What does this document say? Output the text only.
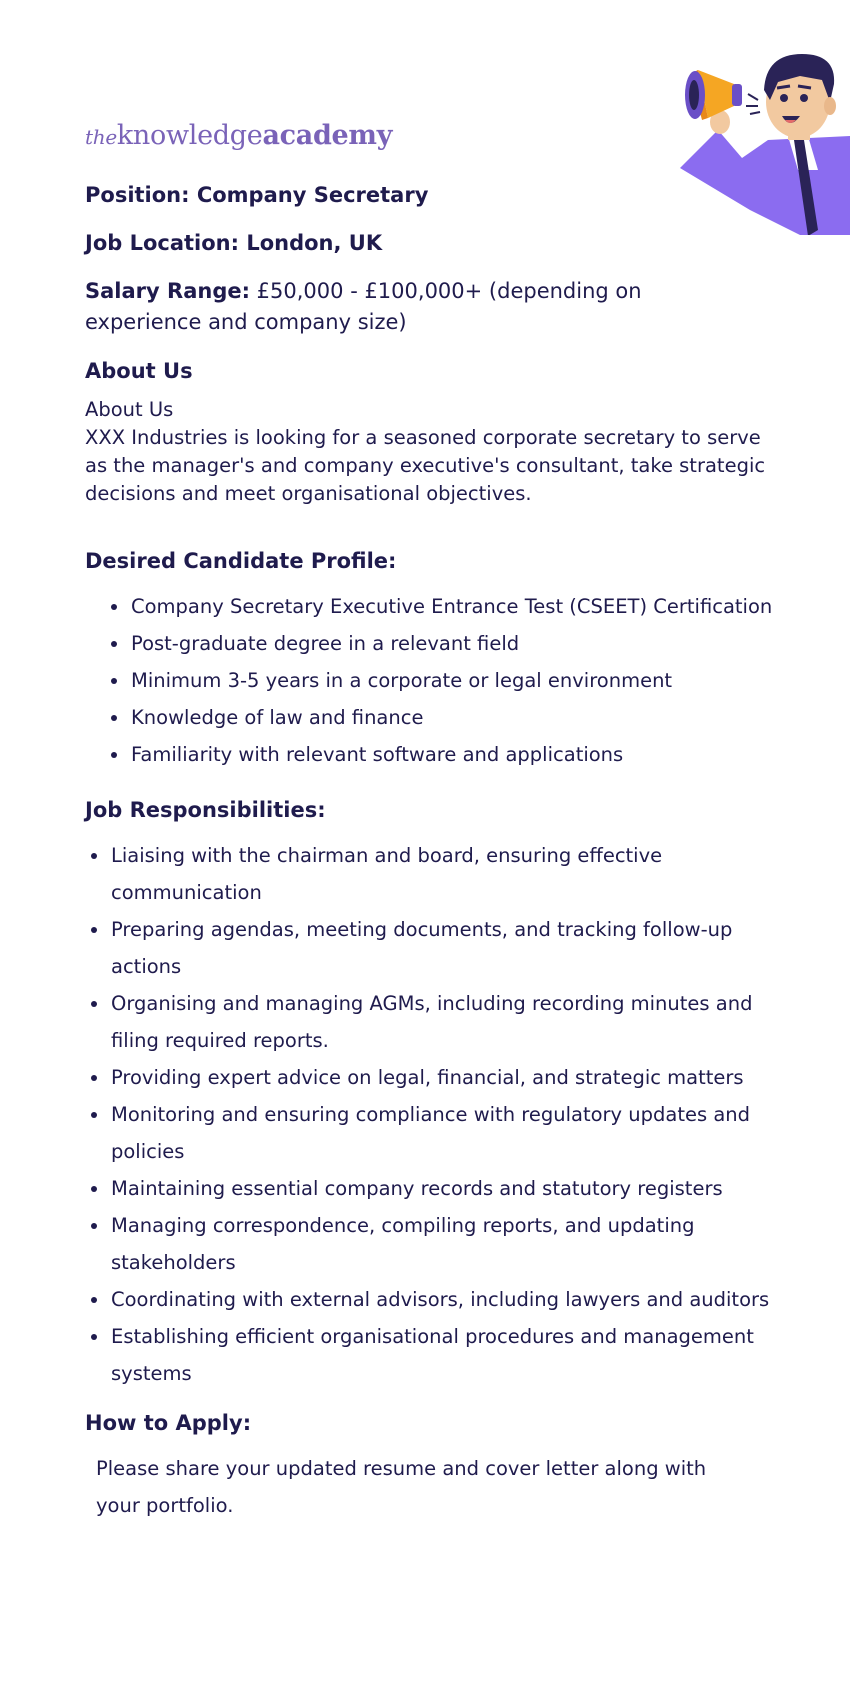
theknowledgeacademy
Position: Company Secretary
Job Location: London, UK
Salary Range: £50,000 - £100,000+ (depending on experience and company size)
About Us
About Us
XXX Industries is looking for a seasoned corporate secretary to serve as the manager's and company executive's consultant, take strategic decisions and meet organisational objectives.
Desired Candidate Profile:
Company Secretary Executive Entrance Test (CSEET) Certification
Post-graduate degree in a relevant field
Minimum 3-5 years in a corporate or legal environment
Knowledge of law and finance
Familiarity with relevant software and applications
Job Responsibilities:
Liaising with the chairman and board, ensuring effective communication
Preparing agendas, meeting documents, and tracking follow-up actions
Organising and managing AGMs, including recording minutes and filing required reports.
Providing expert advice on legal, financial, and strategic matters
Monitoring and ensuring compliance with regulatory updates and policies
Maintaining essential company records and statutory registers
Managing correspondence, compiling reports, and updating stakeholders
Coordinating with external advisors, including lawyers and auditors
Establishing efficient organisational procedures and management systems
How to Apply:
Please share your updated resume and cover letter along with your portfolio.
